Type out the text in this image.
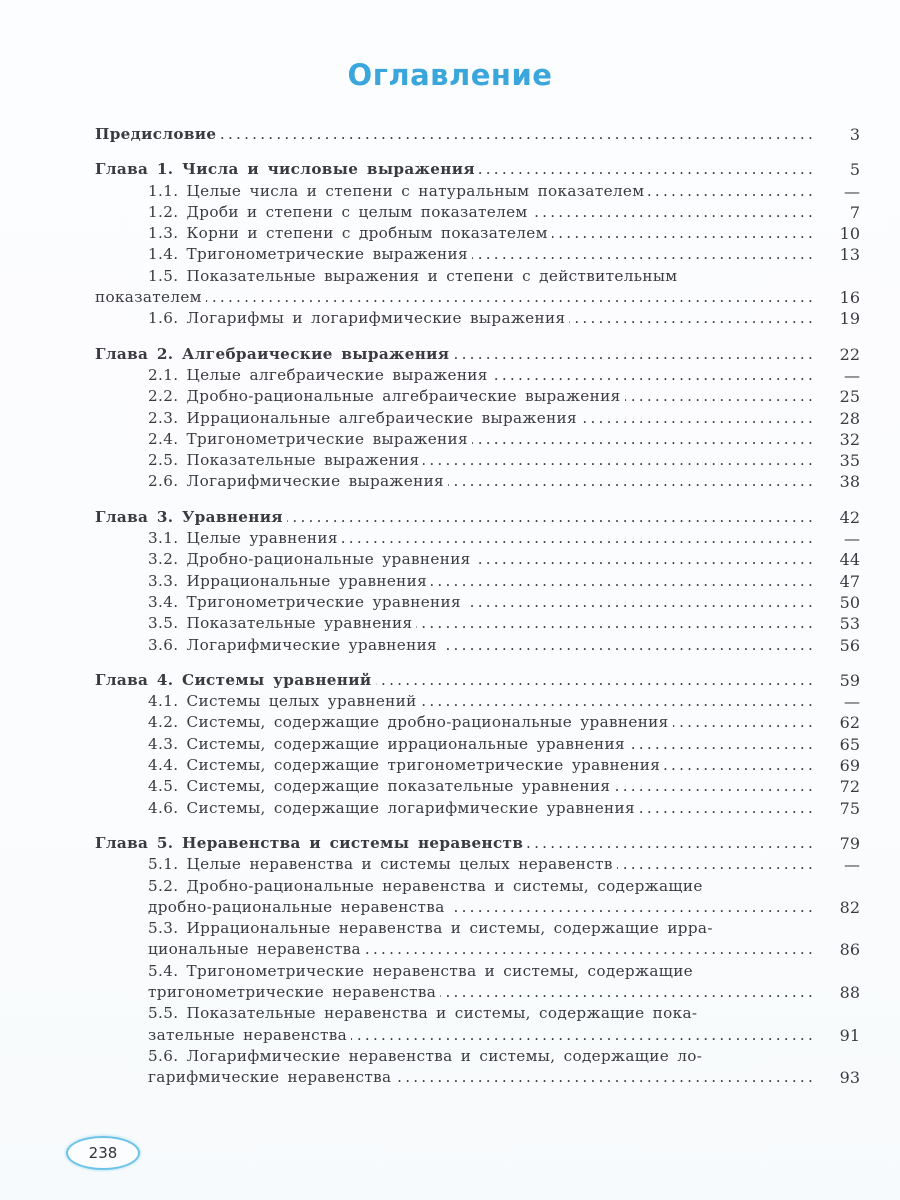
Оглавление
Предисловие . . .	3
Глава 1. Числа и числовые выражения . . .	5
1.1. Целые числа и степени с натуральным показателем . . .	—
1.2. Дроби и степени с целым показателем . . .	7
1.3. Корни и степени с дробным показателем . . .	10
1.4. Тригонометрические выражения . . .	13
1.5. Показательные выражения и степени с действительным
показателем . . .	16
1.6. Логарифмы и логарифмические выражения . . .	19
Глава 2. Алгебраические выражения . . .	22
2.1. Целые алгебраические выражения . . .	—
2.2. Дробно-рациональные алгебраические выражения . . .	25
2.3. Иррациональные алгебраические выражения . . .	28
2.4. Тригонометрические выражения . . .	32
2.5. Показательные выражения . . .	35
2.6. Логарифмические выражения . . .	38
Глава 3. Уравнения . . .	42
3.1. Целые уравнения . . .	—
3.2. Дробно-рациональные уравнения . . .	44
3.3. Иррациональные уравнения . . .	47
3.4. Тригонометрические уравнения . . .	50
3.5. Показательные уравнения . . .	53
3.6. Логарифмические уравнения . . .	56
Глава 4. Системы уравнений . . .	59
4.1. Системы целых уравнений . . .	—
4.2. Системы, содержащие дробно-рациональные уравнения . . .	62
4.3. Системы, содержащие иррациональные уравнения . . .	65
4.4. Системы, содержащие тригонометрические уравнения . . .	69
4.5. Системы, содержащие показательные уравнения . . .	72
4.6. Системы, содержащие логарифмические уравнения . . .	75
Глава 5. Неравенства и системы неравенств . . .	79
5.1. Целые неравенства и системы целых неравенств . . .	—
5.2. Дробно-рациональные неравенства и системы, содержащие
дробно-рациональные неравенства . . .	82
5.3. Иррациональные неравенства и системы, содержащие ирра-
циональные неравенства . . .	86
5.4. Тригонометрические неравенства и системы, содержащие
тригонометрические неравенства . . .	88
5.5. Показательные неравенства и системы, содержащие пока-
зательные неравенства . . .	91
5.6. Логарифмические неравенства и системы, содержащие ло-
гарифмические неравенства . . .	93
238
